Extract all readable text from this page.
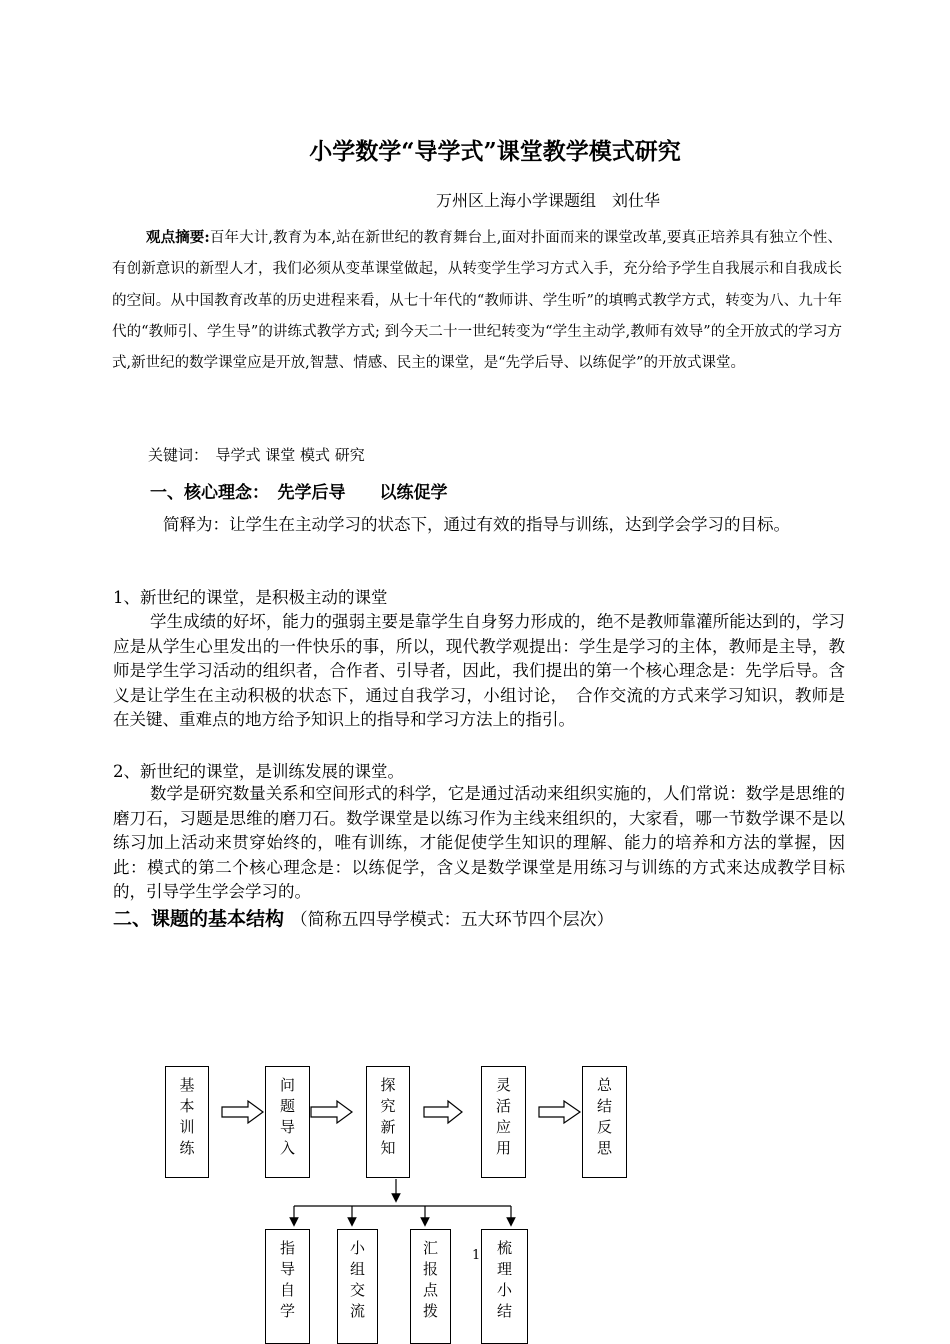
小学数学“导学式”课堂教学模式研究
万州区上海小学课题组　刘仕华

观点摘要:百年大计,教育为本,站在新世纪的教育舞台上,面对扑面而来的课堂改革,要真正培养具有独立个性、有创新意识的新型人才，我们必须从变革课堂做起，从转变学生学习方式入手，充分给予学生自我展示和自我成长的空间。从中国教育改革的历史进程来看，从七十年代的“教师讲、学生听”的填鸭式教学方式，转变为八、九十年代的“教师引、学生导”的讲练式教学方式; 到今天二十一世纪转变为“学生主动学,教师有效导”的全开放式的学习方式,新世纪的数学课堂应是开放,智慧、情感、民主的课堂，是“先学后导、以练促学”的开放式课堂。

关键词：　导学式 课堂 模式 研究
一、核心理念：　先学后导　　以练促学

简释为：让学生在主动学习的状态下，通过有效的指导与训练，达到学会学习的目标。

1、新世纪的课堂，是积极主动的课堂

学生成绩的好坏，能力的强弱主要是靠学生自身努力形成的，绝不是教师靠灌所能达到的，学习应是从学生心里发出的一件快乐的事，所以，现代教学观提出：学生是学习的主体，教师是主导，教师是学生学习活动的组织者，合作者、引导者，因此，我们提出的第一个核心理念是：先学后导。含义是让学生在主动积极的状态下，通过自我学习，小组讨论，　合作交流的方式来学习知识，教师是在关键、重难点的地方给予知识上的指导和学习方法上的指引。

2、新世纪的课堂，是训练发展的课堂。

数学是研究数量关系和空间形式的科学，它是通过活动来组织实施的，人们常说：数学是思维的磨刀石，习题是思维的磨刀石。数学课堂是以练习作为主线来组织的，大家看，哪一节数学课不是以练习加上活动来贯穿始终的，唯有训练，才能促使学生知识的理解、能力的培养和方法的掌握，因此：模式的第二个核心理念是：以练促学，含义是数学课堂是用练习与训练的方式来达成教学目标的，引导学生学会学习的。

二、课题的基本结构 （简称五四导学模式：五大环节四个层次）
基本训练
问题导入
探究新知
灵活应用
总结反思
指导自学
小组交流
汇报点拨
梳理小结
1
